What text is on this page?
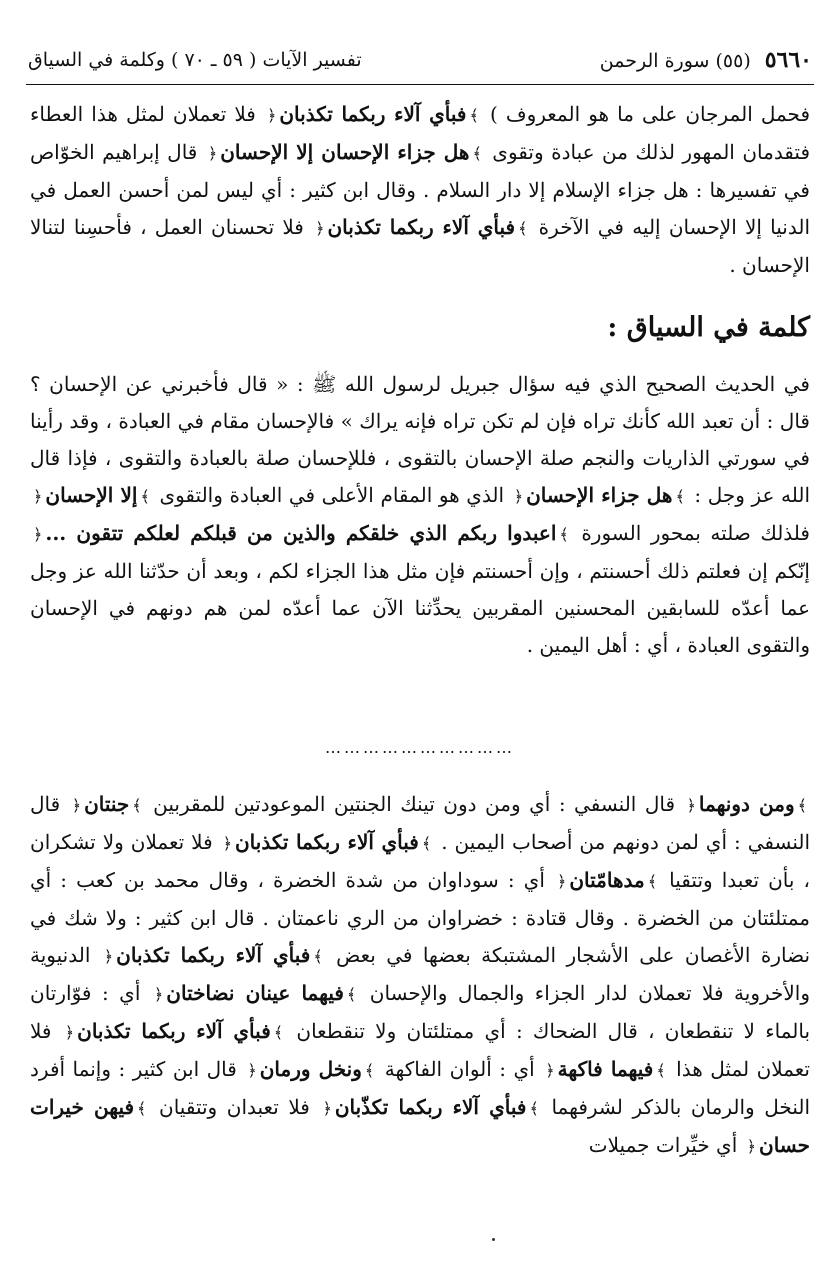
٥٦٦٠
(٥٥) سورة الرحمن
تفسير الآيات ( ٥٩ ـ ٧٠ ) وكلمة في السياق

فحمل المرجان على ما هو المعروف ) ﴾فبأي آلاء ربكما تكذبان﴿ فلا تعملان لمثل هذا العطاء فتقدمان المهور لذلك من عبادة وتقوى ﴾هل جزاء الإحسان إلا الإحسان﴿ قال إبراهيم الخوّاص في تفسيرها : هل جزاء الإسلام إلا دار السلام . وقال ابن كثير : أي ليس لمن أحسن العمل في الدنيا إلا الإحسان إليه في الآخرة ﴾فبأي آلاء ربكما تكذبان﴿ فلا تحسنان العمل ، فأحسِنا لتنالا الإحسان .

كلمة في السياق :

في الحديث الصحيح الذي فيه سؤال جبريل لرسول الله ﷺ : « قال فأخبرني عن الإحسان ؟ قال : أن تعبد الله كأنك تراه فإن لم تكن تراه فإنه يراك » فالإحسان مقام في العبادة ، وقد رأينا في سورتي الذاريات والنجم صلة الإحسان بالتقوى ، فللإحسان صلة بالعبادة والتقوى ، فإذا قال الله عز وجل : ﴾هل جزاء الإحسان﴿ الذي هو المقام الأعلى في العبادة والتقوى ﴾إلا الإحسان﴿ فلذلك صلته بمحور السورة ﴾اعبدوا ربكم الذي خلقكم والذين من قبلكم لعلكم تتقون ...﴿ إنّكم إن فعلتم ذلك أحسنتم ، وإن أحسنتم فإن مثل هذا الجزاء لكم ، وبعد أن حدّثنا الله عز وجل عما أعدّه للسابقين المحسنين المقربين يحدِّثنا الآن عما أعدّه لمن هم دونهم في الإحسان والتقوى العبادة ، أي : أهل اليمين .

…………………………

﴾ومن دونهما﴿ قال النسفي : أي ومن دون تينك الجنتين الموعودتين للمقربين ﴾جنتان﴿ قال النسفي : أي لمن دونهم من أصحاب اليمين . ﴾فبأي آلاء ربكما تكذبان﴿ فلا تعملان ولا تشكران ، بأن تعبدا وتتقيا ﴾مدهامّتان﴿ أي : سوداوان من شدة الخضرة ، وقال محمد بن كعب : أي ممتلئتان من الخضرة . وقال قتادة : خضراوان من الري ناعمتان . قال ابن كثير : ولا شك في نضارة الأغصان على الأشجار المشتبكة بعضها في بعض ﴾فبأي آلاء ربكما تكذبان﴿ الدنيوية والأخروية فلا تعملان لدار الجزاء والجمال والإحسان ﴾فيهما عينان نضاختان﴿ أي : فوّارتان بالماء لا تنقطعان ، قال الضحاك : أي ممتلئتان ولا تنقطعان ﴾فبأي آلاء ربكما تكذبان﴿ فلا تعملان لمثل هذا ﴾فيهما فاكهة﴿ أي : ألوان الفاكهة ﴾ونخل ورمان﴿ قال ابن كثير : وإنما أفرد النخل والرمان بالذكر لشرفهما ﴾فبأي آلاء ربكما تكذّبان﴿ فلا تعبدان وتتقيان ﴾فيهن خيرات حسان﴿ أي خيِّرات جميلات
